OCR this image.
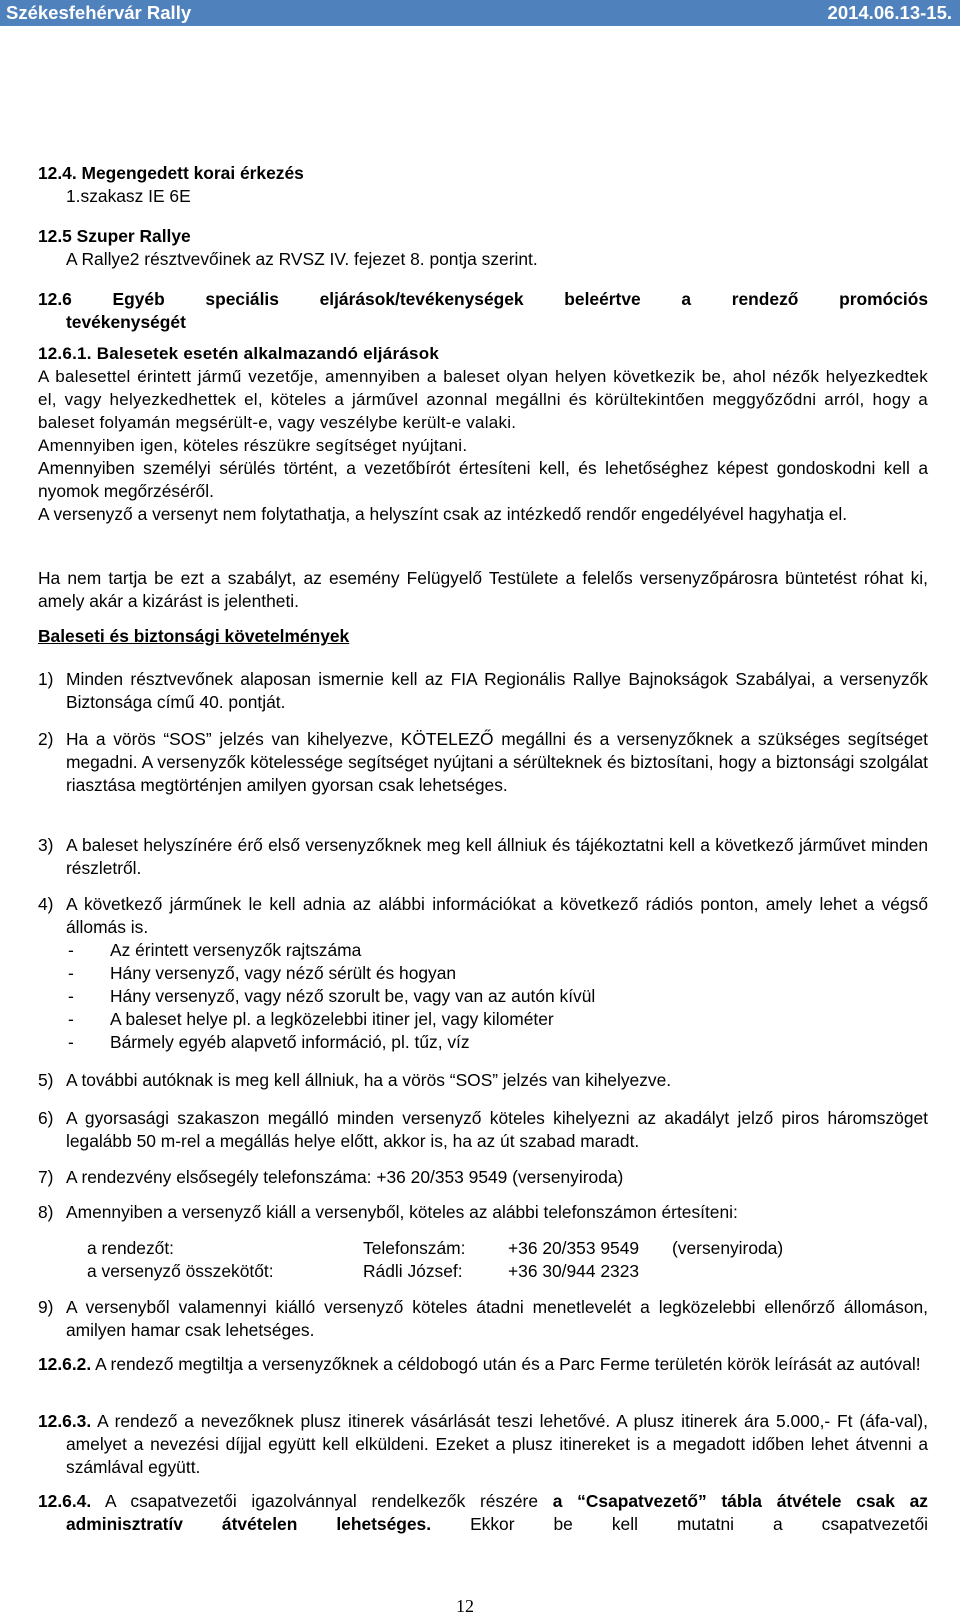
Székesfehérvár Rally	2014.06.13-15.
12.4. Megengedett korai érkezés
1.szakasz IE 6E
12.5 Szuper Rallye
A Rallye2 résztvevőinek az RVSZ IV. fejezet 8. pontja szerint.
12.6 Egyéb speciális eljárások/tevékenységek beleértve a rendező promóciós
tevékenységét
12.6.1. Balesetek esetén alkalmazandó eljárások
A balesettel érintett jármű vezetője, amennyiben a baleset olyan helyen következik be, ahol nézők helyezkedtek el, vagy helyezkedhettek el, köteles a járművel azonnal megállni és körültekintően meggyőződni arról, hogy a baleset folyamán megsérült-e, vagy veszélybe került-e valaki.
Amennyiben igen, köteles részükre segítséget nyújtani.
Amennyiben személyi sérülés történt, a vezetőbírót értesíteni kell, és lehetőséghez képest gondoskodni kell a nyomok megőrzéséről.
A versenyző a versenyt nem folytathatja, a helyszínt csak az intézkedő rendőr engedélyével hagyhatja el.
Ha nem tartja be ezt a szabályt, az esemény Felügyelő Testülete a felelős versenyzőpárosra büntetést róhat ki, amely akár a kizárást is jelentheti.
Baleseti és biztonsági követelmények
1) Minden résztvevőnek alaposan ismernie kell az FIA Regionális Rallye Bajnokságok Szabályai, a versenyzők Biztonsága című 40. pontját.
2) Ha a vörös “SOS” jelzés van kihelyezve, KÖTELEZŐ megállni és a versenyzőknek a szükséges segítséget megadni. A versenyzők kötelessége segítséget nyújtani a sérülteknek és biztosítani, hogy a biztonsági szolgálat riasztása megtörténjen amilyen gyorsan csak lehetséges.
3) A baleset helyszínére érő első versenyzőknek meg kell állniuk és tájékoztatni kell a következő járművet minden részletről.
4) A következő járműnek le kell adnia az alábbi információkat a következő rádiós ponton, amely lehet a végső állomás is.
- Az érintett versenyzők rajtszáma
- Hány versenyző, vagy néző sérült és hogyan
- Hány versenyző, vagy néző szorult be, vagy van az autón kívül
- A baleset helye pl. a legközelebbi itiner jel, vagy kilométer
- Bármely egyéb alapvető információ, pl. tűz, víz
5) A további autóknak is meg kell állniuk, ha a vörös “SOS” jelzés van kihelyezve.
6) A gyorsasági szakaszon megálló minden versenyző köteles kihelyezni az akadályt jelző piros háromszöget legalább 50 m-rel a megállás helye előtt, akkor is, ha az út szabad maradt.
7) A rendezvény elsősegély telefonszáma: +36 20/353 9549 (versenyiroda)
8) Amennyiben a versenyző kiáll a versenyből, köteles az alábbi telefonszámon értesíteni:
a rendezőt:	Telefonszám: +36 20/353 9549 (versenyiroda)
a versenyző összekötőt:	Rádli József:	+36 30/944 2323
9) A versenyből valamennyi kiálló versenyző köteles átadni menetlevelét a legközelebbi ellenőrző állomáson, amilyen hamar csak lehetséges.
12.6.2. A rendező megtiltja a versenyzőknek a céldobogó után és a Parc Ferme területén körök leírását az autóval!
12.6.3. A rendező a nevezőknek plusz itinerek vásárlását teszi lehetővé. A plusz itinerek ára 5.000,- Ft (áfa-val), amelyet a nevezési díjjal együtt kell elküldeni. Ezeket a plusz itinereket is a megadott időben lehet átvenni a számlával együtt.
12.6.4. A csapatvezetői igazolvánnyal rendelkezők részére a “Csapatvezető” tábla átvétele csak az adminisztratív átvételen lehetséges. Ekkor be kell mutatni a csapatvezetői
12
